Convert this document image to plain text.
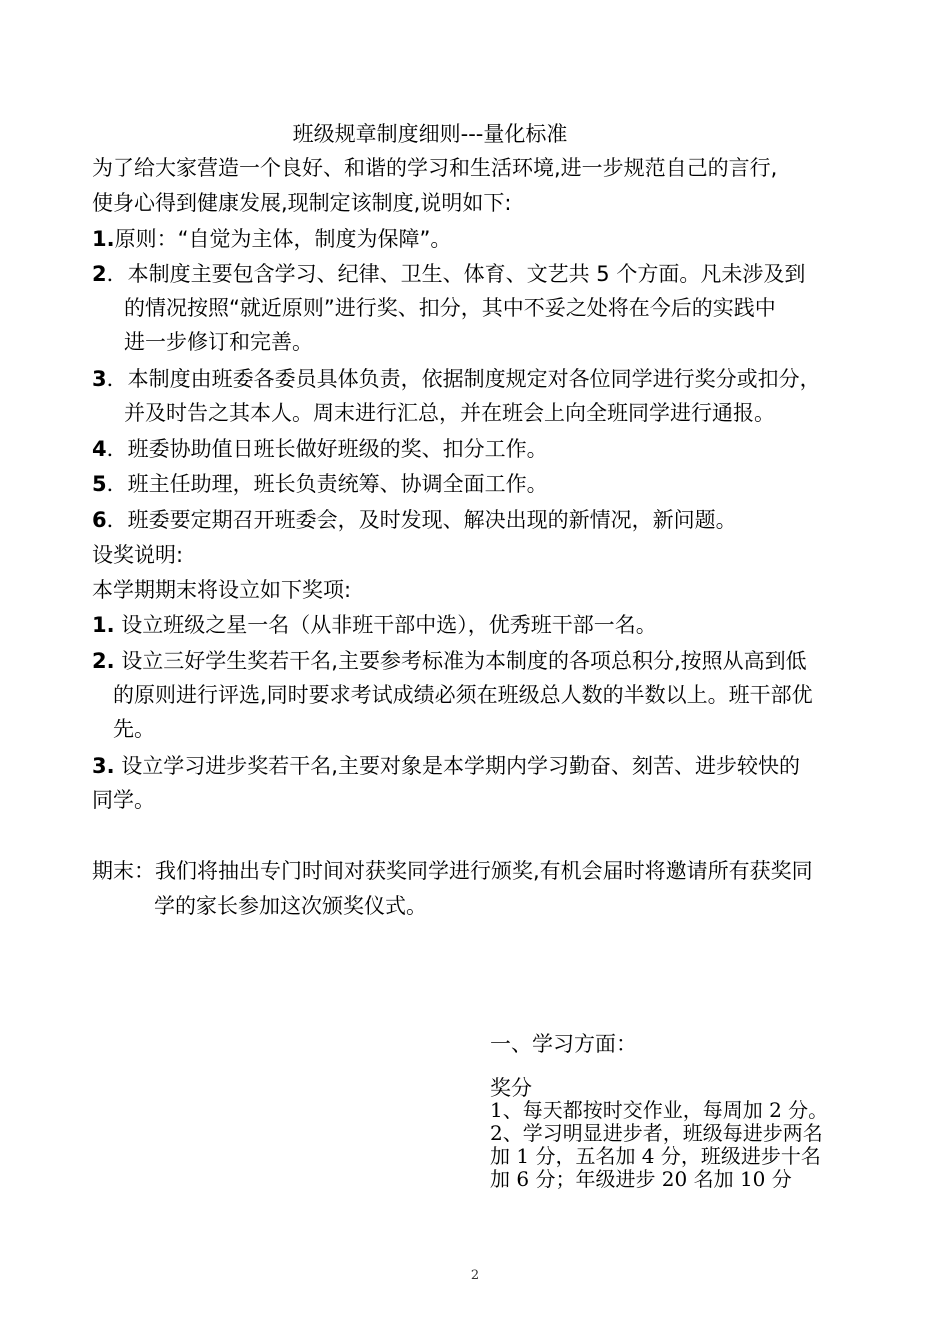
班级规章制度细则---量化标准
为了给大家营造一个良好、和谐的学习和生活环境,进一步规范自己的言行,
使身心得到健康发展,现制定该制度,说明如下:
1.原则：“自觉为主体，制度为保障”。
2．本制度主要包含学习、纪律、卫生、体育、文艺共 5 个方面。凡未涉及到
的情况按照“就近原则”进行奖、扣分，其中不妥之处将在今后的实践中
进一步修订和完善。
3．本制度由班委各委员具体负责，依据制度规定对各位同学进行奖分或扣分，
并及时告之其本人。周末进行汇总，并在班会上向全班同学进行通报。
4．班委协助值日班长做好班级的奖、扣分工作。
5．班主任助理，班长负责统筹、协调全面工作。
6．班委要定期召开班委会，及时发现、解决出现的新情况，新问题。
设奖说明:
本学期期末将设立如下奖项:
1. 设立班级之星一名（从非班干部中选），优秀班干部一名。
2. 设立三好学生奖若干名,主要参考标准为本制度的各项总积分,按照从高到低
的原则进行评选,同时要求考试成绩必须在班级总人数的半数以上。班干部优
先。
3. 设立学习进步奖若干名,主要对象是本学期内学习勤奋、刻苦、进步较快的
同学。
期末：我们将抽出专门时间对获奖同学进行颁奖,有机会届时将邀请所有获奖同
学的家长参加这次颁奖仪式。
一、学习方面：
奖分
1、每天都按时交作业，每周加 2 分。
2、学习明显进步者，班级每进步两名
加 1 分，五名加 4 分，班级进步十名
加 6 分；年级进步 20 名加 10 分
2
